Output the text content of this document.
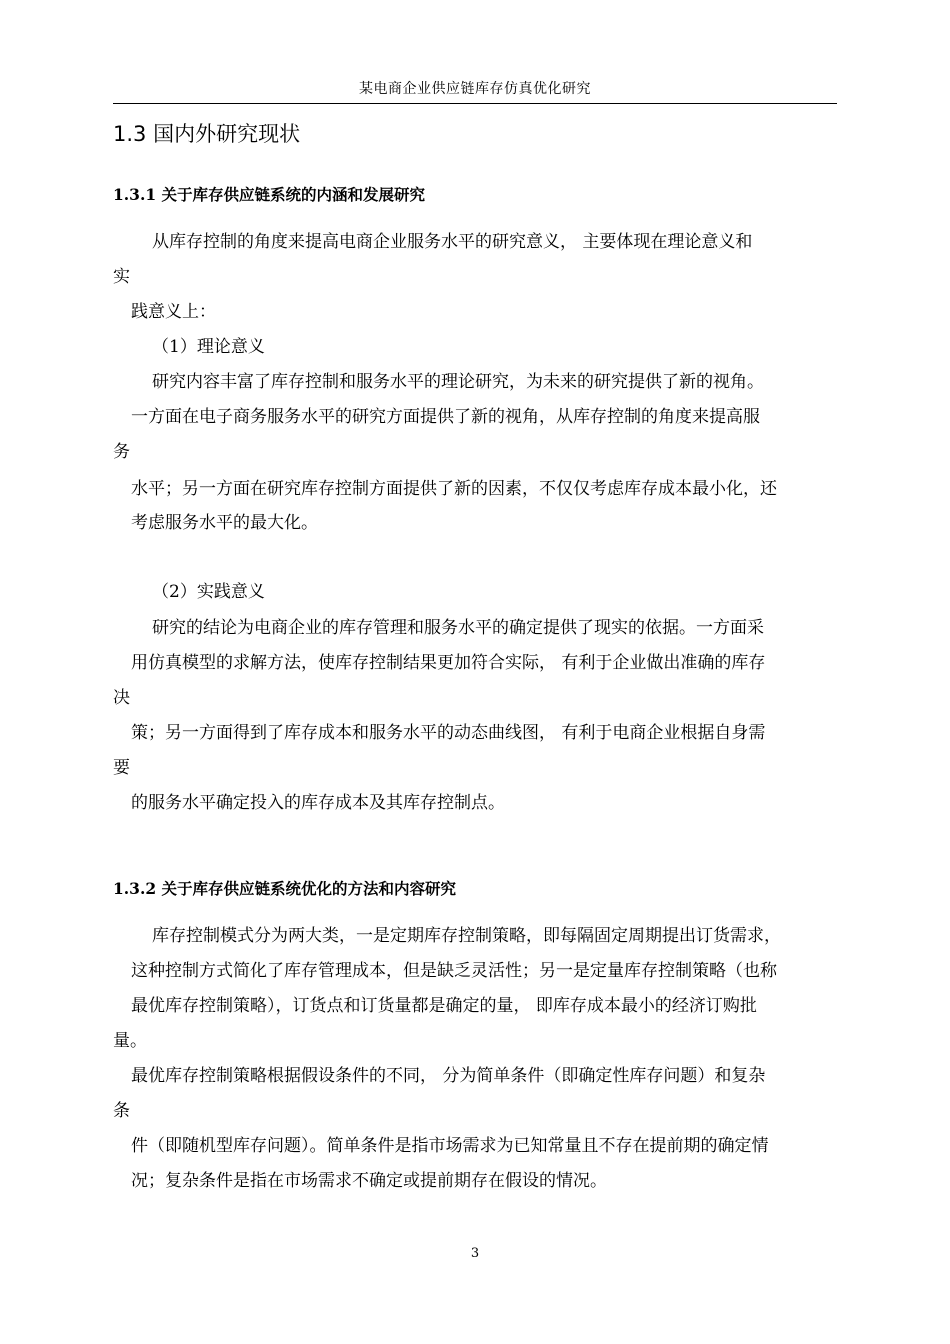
某电商企业供应链库存仿真优化研究
1.3 国内外研究现状
1.3.1 关于库存供应链系统的内涵和发展研究
从库存控制的角度来提高电商企业服务水平的研究意义， 主要体现在理论意义和
实
践意义上：
（1）理论意义
研究内容丰富了库存控制和服务水平的理论研究，为未来的研究提供了新的视角。
一方面在电子商务服务水平的研究方面提供了新的视角，从库存控制的角度来提高服
务
水平；另一方面在研究库存控制方面提供了新的因素，不仅仅考虑库存成本最小化，还
考虑服务水平的最大化。
（2）实践意义
研究的结论为电商企业的库存管理和服务水平的确定提供了现实的依据。一方面采
用仿真模型的求解方法，使库存控制结果更加符合实际， 有利于企业做出准确的库存
决
策；另一方面得到了库存成本和服务水平的动态曲线图， 有利于电商企业根据自身需
要
的服务水平确定投入的库存成本及其库存控制点。
1.3.2 关于库存供应链系统优化的方法和内容研究
库存控制模式分为两大类，一是定期库存控制策略，即每隔固定周期提出订货需求，
这种控制方式简化了库存管理成本，但是缺乏灵活性；另一是定量库存控制策略（也称
最优库存控制策略），订货点和订货量都是确定的量， 即库存成本最小的经济订购批
量。
最优库存控制策略根据假设条件的不同， 分为简单条件（即确定性库存问题）和复杂
条
件（即随机型库存问题）。简单条件是指市场需求为已知常量且不存在提前期的确定情
况；复杂条件是指在市场需求不确定或提前期存在假设的情况。
3
